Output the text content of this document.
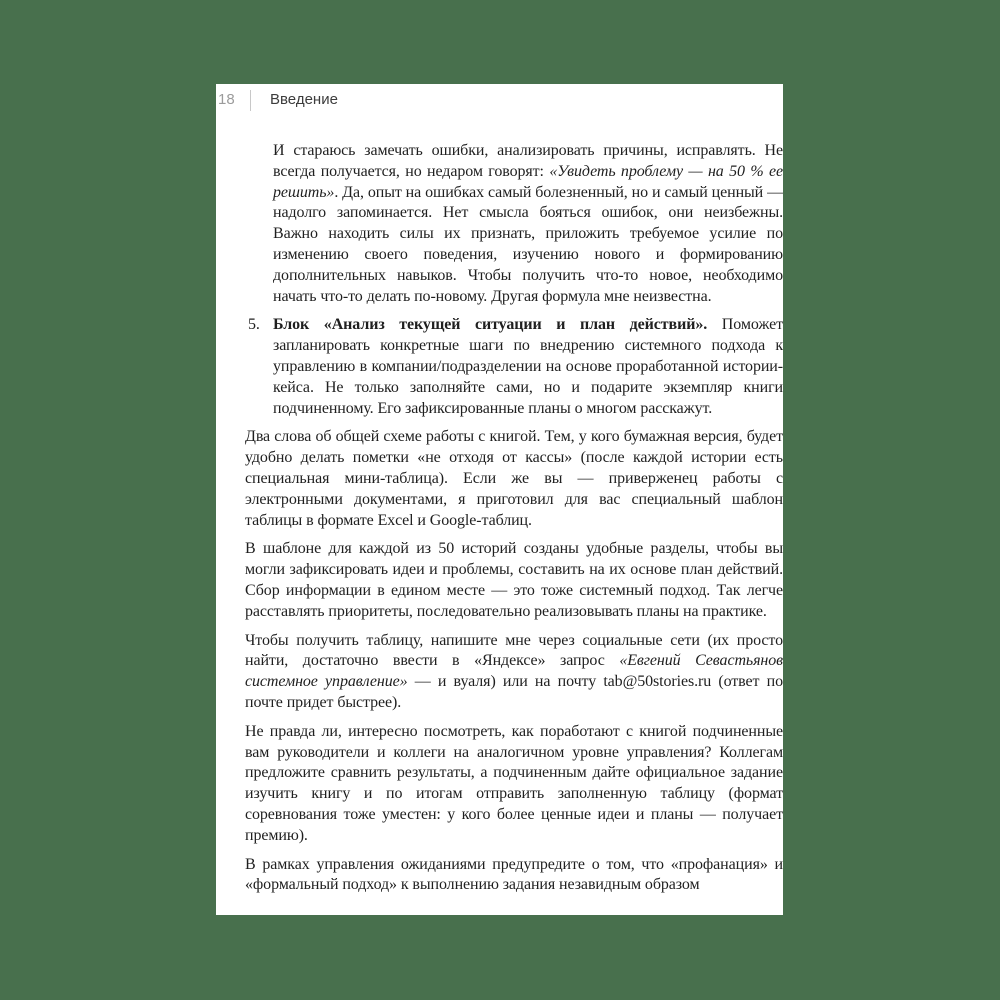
18	Введение
И стараюсь замечать ошибки, анализировать причины, исправлять. Не всегда получается, но недаром говорят: «Увидеть проблему — на 50 % ее решить». Да, опыт на ошибках самый болезненный, но и самый ценный — надолго запоминается. Нет смысла бояться ошибок, они неизбежны. Важно находить силы их признать, приложить требуемое усилие по изменению своего поведения, изучению нового и формированию дополнительных навыков. Чтобы получить что-то новое, необходимо начать что-то делать по-новому. Другая формула мне неизвестна.
5. Блок «Анализ текущей ситуации и план действий». Поможет запланировать конкретные шаги по внедрению системного подхода к управлению в компании/подразделении на основе проработанной истории-кейса. Не только заполняйте сами, но и подарите экземпляр книги подчиненному. Его зафиксированные планы о многом расскажут.
Два слова об общей схеме работы с книгой. Тем, у кого бумажная версия, будет удобно делать пометки «не отходя от кассы» (после каждой истории есть специальная мини-таблица). Если же вы — приверженец работы с электронными документами, я приготовил для вас специальный шаблон таблицы в формате Excel и Google-таблиц.
В шаблоне для каждой из 50 историй созданы удобные разделы, чтобы вы могли зафиксировать идеи и проблемы, составить на их основе план действий. Сбор информации в едином месте — это тоже системный подход. Так легче расставлять приоритеты, последовательно реализовывать планы на практике.
Чтобы получить таблицу, напишите мне через социальные сети (их просто найти, достаточно ввести в «Яндексе» запрос «Евгений Севастьянов системное управление» — и вуаля) или на почту tab@50stories.ru (ответ по почте придет быстрее).
Не правда ли, интересно посмотреть, как поработают с книгой подчиненные вам руководители и коллеги на аналогичном уровне управления? Коллегам предложите сравнить результаты, а подчиненным дайте официальное задание изучить книгу и по итогам отправить заполненную таблицу (формат соревнования тоже уместен: у кого более ценные идеи и планы — получает премию).
В рамках управления ожиданиями предупредите о том, что «профанация» и «формальный подход» к выполнению задания незавидным образом
